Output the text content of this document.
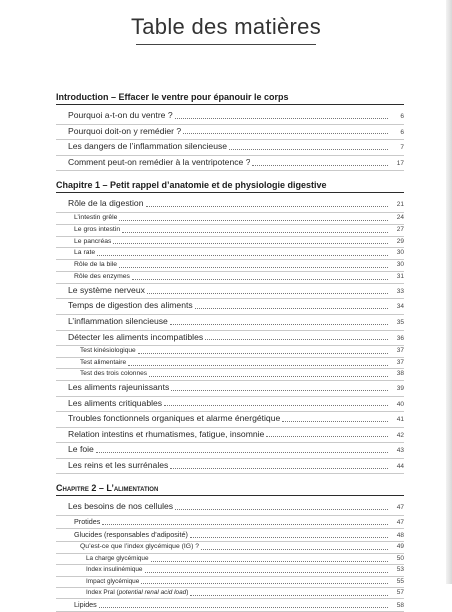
Table des matières
Introduction – Effacer le ventre pour épanouir le corps
Pourquoi a-t-on du ventre ?	6
Pourquoi doit-on y remédier ?	6
Les dangers de l’inflammation silencieuse	7
Comment peut-on remédier à la ventripotence ?	17
Chapitre 1 – Petit rappel d’anatomie et de physiologie digestive
Rôle de la digestion	21
L’intestin grêle	24
Le gros intestin	27
Le pancréas	29
La rate	30
Rôle de la bile	30
Rôle des enzymes	31
Le système nerveux	33
Temps de digestion des aliments	34
L’inflammation silencieuse	35
Détecter les aliments incompatibles	36
Test kinésiologique	37
Test alimentaire	37
Test des trois colonnes	38
Les aliments rajeunissants	39
Les aliments critiquables	40
Troubles fonctionnels organiques et alarme énergétique	41
Relation intestins et rhumatismes, fatigue, insomnie	42
Le foie	43
Les reins et les surrénales	44
Chapitre 2 – L’alimentation
Les besoins de nos cellules	47
Protides	47
Glucides (responsables d’adiposité)	48
Qu’est-ce que l’index glycémique (IG) ?	49
La charge glycémique	50
Index insulinémique	53
Impact glycémique	55
Index Pral (potential renal acid load)	57
Lipides	58
